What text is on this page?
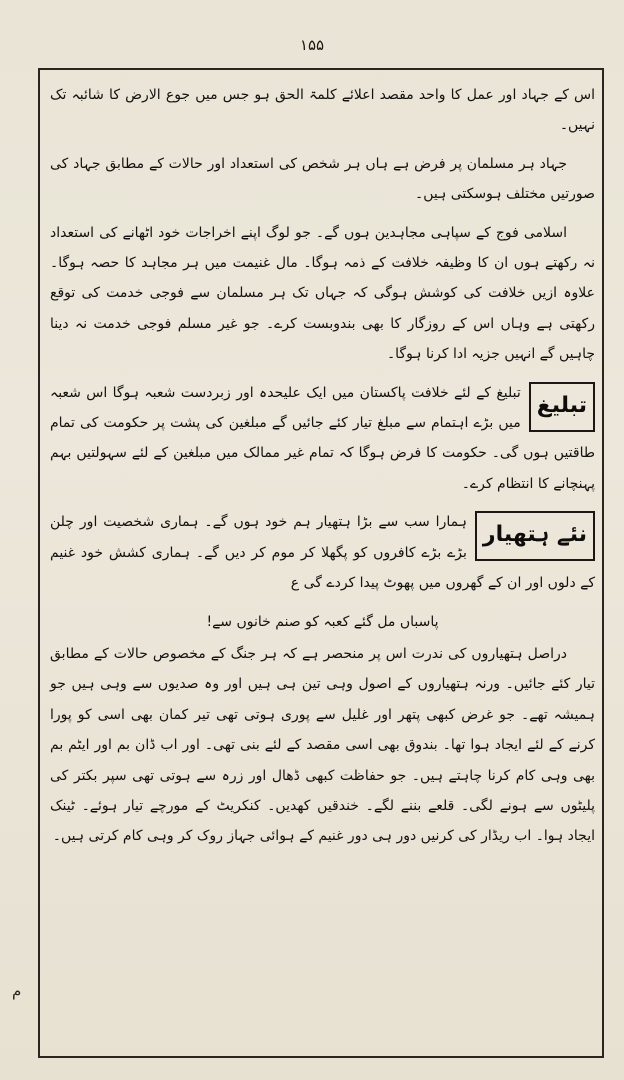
۱۵۵

اس کے جہاد اور عمل کا واحد مقصد اعلائے کلمۃ الحق ہو جس میں جوع الارض کا شائبہ تک نہیں۔

جہاد ہر مسلمان پر فرض ہے ہاں ہر شخص کی استعداد اور حالات کے مطابق جہاد کی صورتیں مختلف ہوسکتی ہیں۔

اسلامی فوج کے سپاہی مجاہدین ہوں گے۔ جو لوگ اپنے اخراجات خود اٹھانے کی استعداد نہ رکھتے ہوں ان کا وظیفہ خلافت کے ذمہ ہوگا۔ مال غنیمت میں ہر مجاہد کا حصہ ہوگا۔ علاوہ ازیں خلافت کی کوشش ہوگی کہ جہاں تک ہر مسلمان سے فوجی خدمت کی توقع رکھتی ہے وہاں اس کے روزگار کا بھی بندوبست کرے۔ جو غیر مسلم فوجی خدمت نہ دینا چاہیں گے انہیں جزیہ ادا کرنا ہوگا۔

تبلیغ

تبلیغ کے لئے خلافت پاکستان میں ایک علیحدہ اور زبردست شعبہ ہوگا اس شعبہ میں بڑے اہتمام سے مبلغ تیار کئے جائیں گے مبلغین کی پشت پر حکومت کی تمام طاقتیں ہوں گی۔ حکومت کا فرض ہوگا کہ تمام غیر ممالک میں مبلغین کے لئے سہولتیں بہم پہنچانے کا انتظام کرے۔

نئے ہتھیار

ہمارا سب سے بڑا ہتھیار ہم خود ہوں گے۔ ہماری شخصیت اور چلن بڑے بڑے کافروں کو پگھلا کر موم کر دیں گے۔ ہماری کشش خود غنیم کے دلوں اور ان کے گھروں میں پھوٹ پیدا کردے گی ع

پاسباں مل گئے کعبہ کو صنم خانوں سے!

دراصل ہتھیاروں کی ندرت اس پر منحصر ہے کہ ہر جنگ کے مخصوص حالات کے مطابق تیار کئے جائیں۔ ورنہ ہتھیاروں کے اصول وہی تین ہی ہیں اور وہ صدیوں سے وہی ہیں جو ہمیشہ تھے۔ جو غرض کبھی پتھر اور غلیل سے پوری ہوتی تھی تیر کمان بھی اسی کو پورا کرنے کے لئے ایجاد ہوا تھا۔ بندوق بھی اسی مقصد کے لئے بنی تھی۔ اور اب ڈان بم اور ایٹم بم بھی وہی کام کرنا چاہتے ہیں۔ جو حفاظت کبھی ڈھال اور زرہ سے ہوتی تھی سپر بکتر کی پلیٹوں سے ہونے لگی۔ قلعے بننے لگے۔ خندقیں کھدیں۔ کنکریٹ کے مورچے تیار ہوئے۔ ٹینک ایجاد ہوا۔ اب ریڈار کی کرنیں دور ہی دور غنیم کے ہوائی جہاز روک کر وہی کام کرتی ہیں۔

م
